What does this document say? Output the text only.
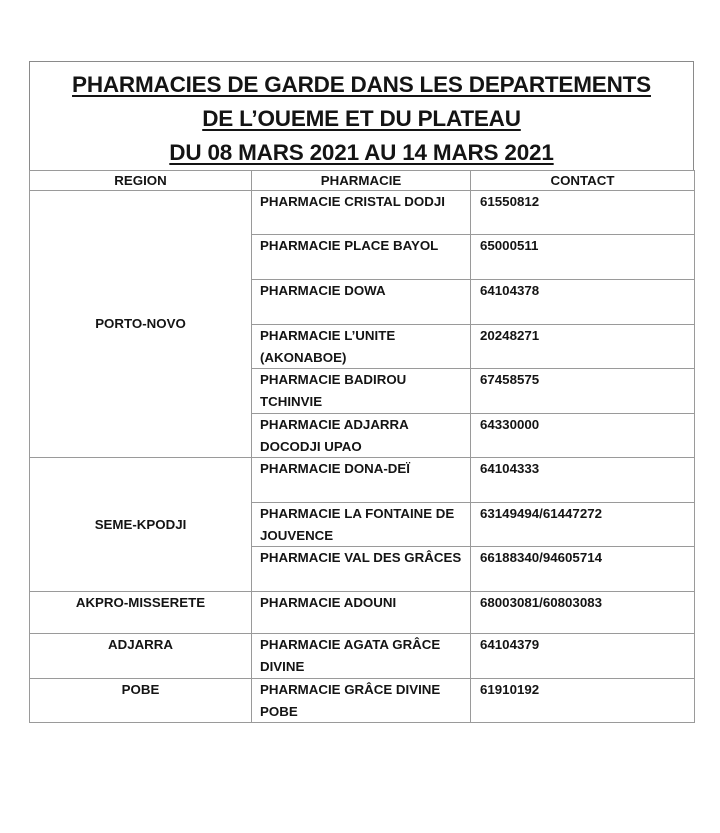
PHARMACIES DE GARDE DANS LES DEPARTEMENTS
DE L’OUEME ET DU PLATEAU
DU 08 MARS 2021 AU 14 MARS 2021
REGION	PHARMACIE	CONTACT
PORTO-NOVO	PHARMACIE CRISTAL DODJI	61550812
	PHARMACIE PLACE BAYOL	65000511
	PHARMACIE DOWA	64104378
	PHARMACIE L’UNITE (AKONABOE)	20248271
	PHARMACIE BADIROU TCHINVIE	67458575
	PHARMACIE ADJARRA DOCODJI UPAO	64330000
SEME-KPODJI	PHARMACIE DONA-DEÏ	64104333
	PHARMACIE LA FONTAINE DE JOUVENCE	63149494/61447272
	PHARMACIE VAL DES GRÂCES	66188340/94605714
AKPRO-MISSERETE	PHARMACIE ADOUNI	68003081/60803083
ADJARRA	PHARMACIE AGATA GRÂCE DIVINE	64104379
POBE	PHARMACIE GRÂCE DIVINE POBE	61910192
